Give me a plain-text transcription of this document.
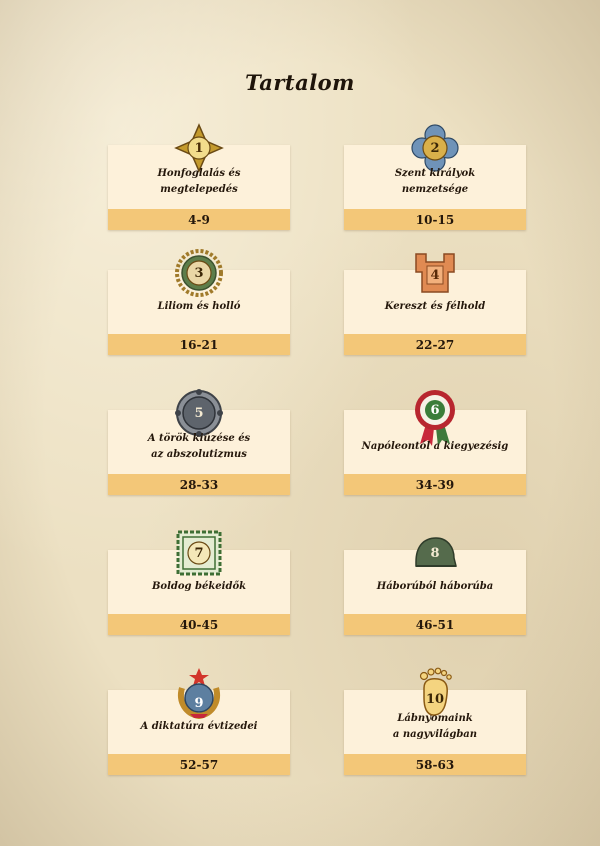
Tartalom
1
Honfoglalás és
megtelepedés
4-9
2
Szent királyok
nemzetsége
10-15
3
Liliom és holló
16-21
4
Kereszt és félhold
22-27
5
A török kiűzése és
az abszolutizmus
28-33
6
Napóleontól a kiegyezésig
34-39
7
Boldog békeidők
40-45
8
Háborúból háborúba
46-51
9
A diktatúra évtizedei
52-57
10
Lábnyomaink
a nagyvilágban
58-63
